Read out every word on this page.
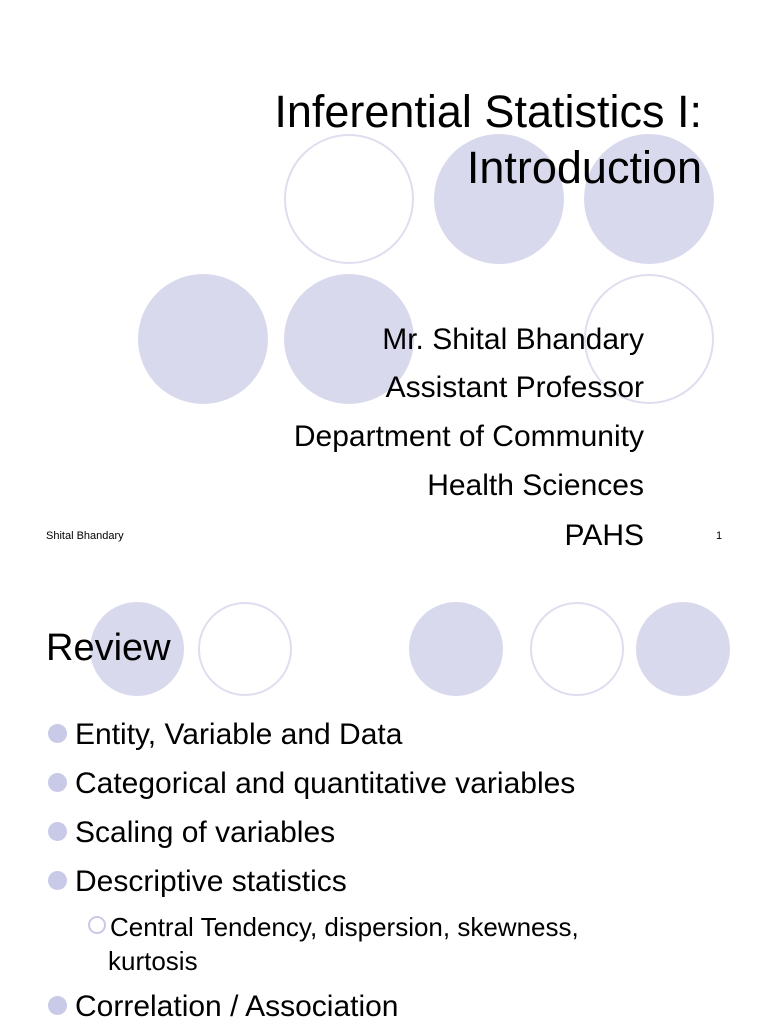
Inferential Statistics I:
Introduction
Mr. Shital Bhandary
Assistant Professor
Department of Community
Health Sciences
PAHS
Shital Bhandary	1
Review
Entity, Variable and Data
Categorical and quantitative variables
Scaling of variables
Descriptive statistics
Central Tendency, dispersion, skewness,
kurtosis
Correlation / Association
